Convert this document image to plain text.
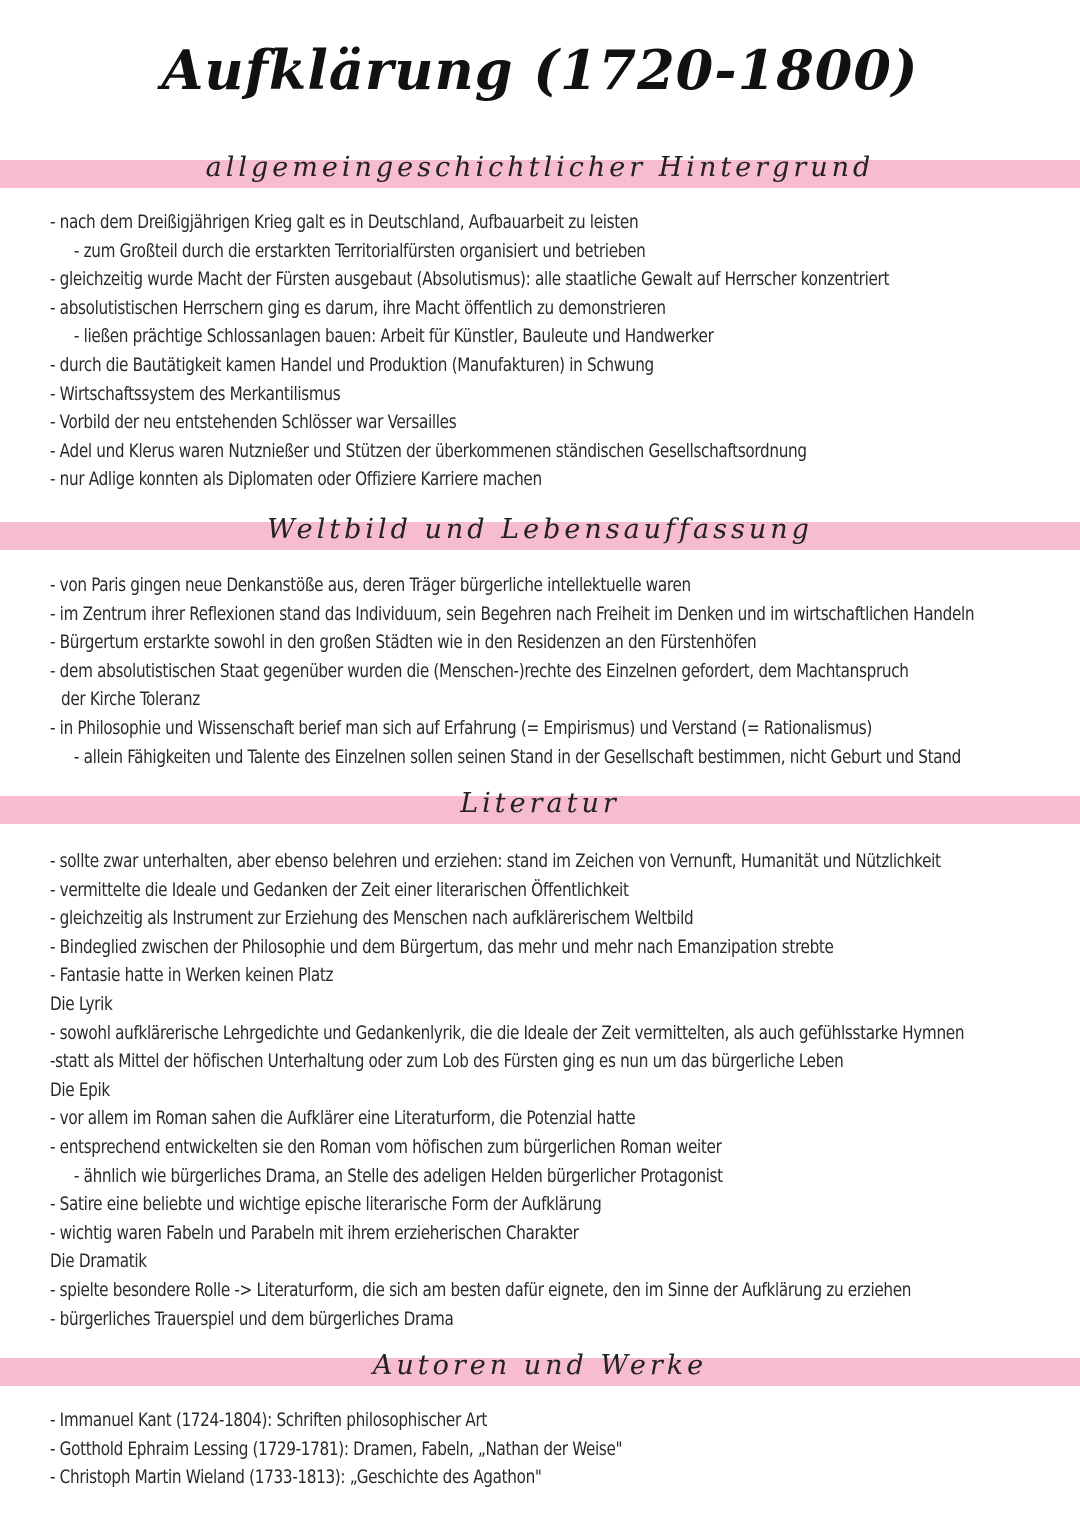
Aufklärung (1720-1800)
allgemeingeschichtlicher Hintergrund
- nach dem Dreißigjährigen Krieg galt es in Deutschland, Aufbauarbeit zu leisten
- zum Großteil durch die erstarkten Territorialfürsten organisiert und betrieben
- gleichzeitig wurde Macht der Fürsten ausgebaut (Absolutismus): alle staatliche Gewalt auf Herrscher konzentriert
- absolutistischen Herrschern ging es darum, ihre Macht öffentlich zu demonstrieren
- ließen prächtige Schlossanlagen bauen: Arbeit für Künstler, Bauleute und Handwerker
- durch die Bautätigkeit kamen Handel und Produktion (Manufakturen) in Schwung
- Wirtschaftssystem des Merkantilismus
- Vorbild der neu entstehenden Schlösser war Versailles
- Adel und Klerus waren Nutznießer und Stützen der überkommenen ständischen Gesellschaftsordnung
- nur Adlige konnten als Diplomaten oder Offiziere Karriere machen
Weltbild und Lebensauffassung
- von Paris gingen neue Denkanstöße aus, deren Träger bürgerliche intellektuelle waren
- im Zentrum ihrer Reflexionen stand das Individuum, sein Begehren nach Freiheit im Denken und im wirtschaftlichen Handeln
- Bürgertum erstarkte sowohl in den großen Städten wie in den Residenzen an den Fürstenhöfen
- dem absolutistischen Staat gegenüber wurden die (Menschen-)rechte des Einzelnen gefordert, dem Machtanspruch
der Kirche Toleranz
- in Philosophie und Wissenschaft berief man sich auf Erfahrung (= Empirismus) und Verstand (= Rationalismus)
- allein Fähigkeiten und Talente des Einzelnen sollen seinen Stand in der Gesellschaft bestimmen, nicht Geburt und Stand
Literatur
- sollte zwar unterhalten, aber ebenso belehren und erziehen: stand im Zeichen von Vernunft, Humanität und Nützlichkeit
- vermittelte die Ideale und Gedanken der Zeit einer literarischen Öffentlichkeit
- gleichzeitig als Instrument zur Erziehung des Menschen nach aufklärerischem Weltbild
- Bindeglied zwischen der Philosophie und dem Bürgertum, das mehr und mehr nach Emanzipation strebte
- Fantasie hatte in Werken keinen Platz
Die Lyrik
- sowohl aufklärerische Lehrgedichte und Gedankenlyrik, die die Ideale der Zeit vermittelten, als auch gefühlsstarke Hymnen
-statt als Mittel der höfischen Unterhaltung oder zum Lob des Fürsten ging es nun um das bürgerliche Leben
Die Epik
- vor allem im Roman sahen die Aufklärer eine Literaturform, die Potenzial hatte
- entsprechend entwickelten sie den Roman vom höfischen zum bürgerlichen Roman weiter
- ähnlich wie bürgerliches Drama, an Stelle des adeligen Helden bürgerlicher Protagonist
- Satire eine beliebte und wichtige epische literarische Form der Aufklärung
- wichtig waren Fabeln und Parabeln mit ihrem erzieherischen Charakter
Die Dramatik
- spielte besondere Rolle -> Literaturform, die sich am besten dafür eignete, den im Sinne der Aufklärung zu erziehen
- bürgerliches Trauerspiel und dem bürgerliches Drama
Autoren und Werke
- Immanuel Kant (1724-1804): Schriften philosophischer Art
- Gotthold Ephraim Lessing (1729-1781): Dramen, Fabeln, „Nathan der Weise"
- Christoph Martin Wieland (1733-1813): „Geschichte des Agathon"
